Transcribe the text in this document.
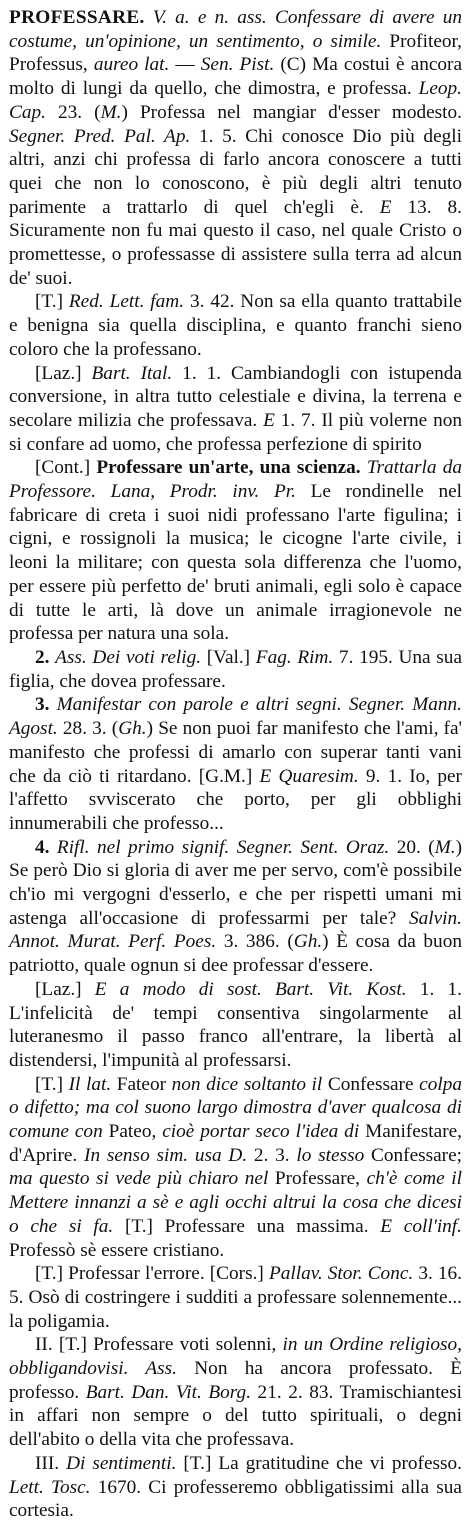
PROFESSARE. V. a. e n. ass. Confessare di avere un costume, un'opinione, un sentimento, o simile. Profiteor, Professus, aureo lat. — Sen. Pist. (C) Ma costui è ancora molto di lungi da quello, che dimostra, e professa. Leop. Cap. 23. (M.) Professa nel mangiar d'esser modesto. Segner. Pred. Pal. Ap. 1. 5. Chi conosce Dio più degli altri, anzi chi professa di farlo ancora conoscere a tutti quei che non lo conoscono, è più degli altri tenuto parimente a trattarlo di quel ch'egli è. E 13. 8. Sicuramente non fu mai questo il caso, nel quale Cristo o promettesse, o professasse di assistere sulla terra ad alcun de' suoi.

[T.] Red. Lett. fam. 3. 42. Non sa ella quanto trattabile e benigna sia quella disciplina, e quanto franchi sieno coloro che la professano.

[Laz.] Bart. Ital. 1. 1. Cambiandogli con istupenda conversione, in altra tutto celestiale e divina, la terrena e secolare milizia che professava. E 1. 7. Il più volerne non si confare ad uomo, che professa perfezione di spirito

[Cont.] Professare un'arte, una scienza. Trattarla da Professore. Lana, Prodr. inv. Pr. Le rondinelle nel fabricare di creta i suoi nidi professano l'arte figulina; i cigni, e rossignoli la musica; le cicogne l'arte civile, i leoni la militare; con questa sola differenza che l'uomo, per essere più perfetto de' bruti animali, egli solo è capace di tutte le arti, là dove un animale irragionevole ne professa per natura una sola.

2. Ass. Dei voti relig. [Val.] Fag. Rim. 7. 195. Una sua figlia, che dovea professare.

3. Manifestar con parole e altri segni. Segner. Mann. Agost. 28. 3. (Gh.) Se non puoi far manifesto che l'ami, fa' manifesto che professi di amarlo con superar tanti vani che da ciò ti ritardano. [G.M.] E Quaresim. 9. 1. Io, per l'affetto svviscerato che porto, per gli obblighi innumerabili che professo...

4. Rifl. nel primo signif. Segner. Sent. Oraz. 20. (M.) Se però Dio si gloria di aver me per servo, com'è possibile ch'io mi vergogni d'esserlo, e che per rispetti umani mi astenga all'occasione di professarmi per tale? Salvin. Annot. Murat. Perf. Poes. 3. 386. (Gh.) È cosa da buon patriotto, quale ognun si dee professar d'essere.

[Laz.] E a modo di sost. Bart. Vit. Kost. 1. 1. L'infelicità de' tempi consentiva singolarmente al luteranesmo il passo franco all'entrare, la libertà al distendersi, l'impunità al professarsi.

[T.] Il lat. Fateor non dice soltanto il Confessare colpa o difetto; ma col suono largo dimostra d'aver qualcosa di comune con Pateo, cioè portar seco l'idea di Manifestare, d'Aprire. In senso sim. usa D. 2. 3. lo stesso Confessare; ma questo si vede più chiaro nel Professare, ch'è come il Mettere innanzi a sè e agli occhi altrui la cosa che dicesi o che si fa. [T.] Professare una massima. E coll'inf. Professò sè essere cristiano.

[T.] Professar l'errore. [Cors.] Pallav. Stor. Conc. 3. 16. 5. Osò di costringere i sudditi a professare solennemente... la poligamia.

II. [T.] Professare voti solenni, in un Ordine religioso, obbligandovisi. Ass. Non ha ancora professato. È professo. Bart. Dan. Vit. Borg. 21. 2. 83. Tramischiantesi in affari non sempre o del tutto spirituali, o degni dell'abito o della vita che professava.

III. Di sentimenti. [T.] La gratitudine che vi professo. Lett. Tosc. 1670. Ci professeremo obbligatissimi alla sua cortesia.
